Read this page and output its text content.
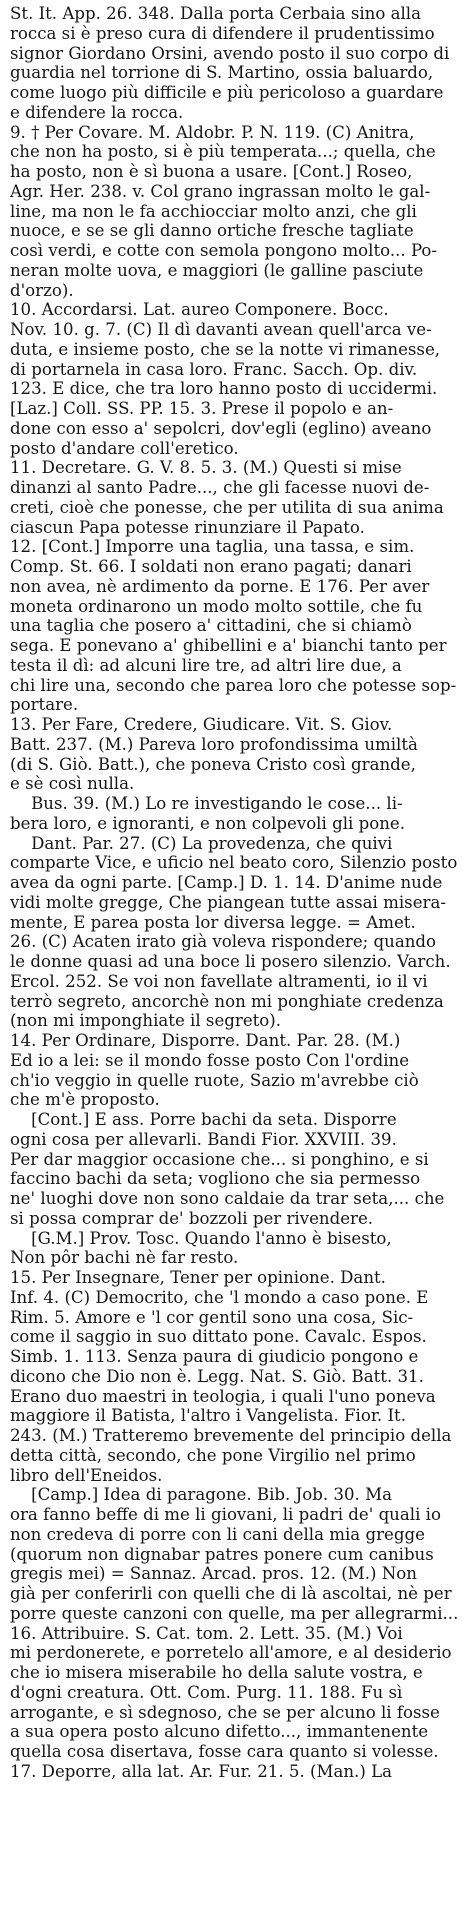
St. It. App. 26. 348. Dalla porta Cerbaia sino alla
rocca si è preso cura di difendere il prudentissimo
signor Giordano Orsini, avendo posto il suo corpo di
guardia nel torrione di S. Martino, ossia baluardo,
come luogo più difficile e più pericoloso a guardare
e difendere la rocca.
9. † Per Covare. M. Aldobr. P. N. 119. (C) Anitra,
che non ha posto, si è più temperata...; quella, che
ha posto, non è sì buona a usare. [Cont.] Roseo,
Agr. Her. 238. v. Col grano ingrassan molto le gal-
line, ma non le fa acchiocciar molto anzi, che gli
nuoce, e se se gli danno ortiche fresche tagliate
così verdi, e cotte con semola pongono molto... Po-
neran molte uova, e maggiori (le galline pasciute
d'orzo).
10. Accordarsi. Lat. aureo Componere. Bocc.
Nov. 10. g. 7. (C) Il dì davanti avean quell'arca ve-
duta, e insieme posto, che se la notte vi rimanesse,
di portarnela in casa loro. Franc. Sacch. Op. div.
123. E dice, che tra loro hanno posto di uccidermi.
[Laz.] Coll. SS. PP. 15. 3. Prese il popolo e an-
done con esso a' sepolcri, dov'egli (eglino) aveano
posto d'andare coll'eretico.
11. Decretare. G. V. 8. 5. 3. (M.) Questi si mise
dinanzi al santo Padre..., che gli facesse nuovi de-
creti, cioè che ponesse, che per utilita di sua anima
ciascun Papa potesse rinunziare il Papato.
12. [Cont.] Imporre una taglia, una tassa, e sim.
Comp. St. 66. I soldati non erano pagati; danari
non avea, nè ardimento da porne. E 176. Per aver
moneta ordinarono un modo molto sottile, che fu
una taglia che posero a' cittadini, che si chiamò
sega. E ponevano a' ghibellini e a' bianchi tanto per
testa il dì: ad alcuni lire tre, ad altri lire due, a
chi lire una, secondo che parea loro che potesse sop-
portare.
13. Per Fare, Credere, Giudicare. Vit. S. Giov.
Batt. 237. (M.) Pareva loro profondissima umiltà
(di S. Giò. Batt.), che poneva Cristo così grande,
e sè così nulla.
Bus. 39. (M.) Lo re investigando le cose... li-
bera loro, e ignoranti, e non colpevoli gli pone.
Dant. Par. 27. (C) La provedenza, che quivi
comparte Vice, e uficio nel beato coro, Silenzio posto
avea da ogni parte. [Camp.] D. 1. 14. D'anime nude
vidi molte gregge, Che piangean tutte assai misera-
mente, E parea posta lor diversa legge. = Amet.
26. (C) Acaten irato già voleva rispondere; quando
le donne quasi ad una boce li posero silenzio. Varch.
Ercol. 252. Se voi non favellate altramenti, io il vi
terrò segreto, ancorchè non mi ponghiate credenza
(non mi imponghiate il segreto).
14. Per Ordinare, Disporre. Dant. Par. 28. (M.)
Ed io a lei: se il mondo fosse posto Con l'ordine
ch'io veggio in quelle ruote, Sazio m'avrebbe ciò
che m'è proposto.
[Cont.] E ass. Porre bachi da seta. Disporre
ogni cosa per allevarli. Bandi Fior. XXVIII. 39.
Per dar maggior occasione che... si ponghino, e si
faccino bachi da seta; vogliono che sia permesso
ne' luoghi dove non sono caldaie da trar seta,... che
si possa comprar de' bozzoli per rivendere.
[G.M.] Prov. Tosc. Quando l'anno è bisesto,
Non pôr bachi nè far resto.
15. Per Insegnare, Tener per opinione. Dant.
Inf. 4. (C) Democrito, che 'l mondo a caso pone. E
Rim. 5. Amore e 'l cor gentil sono una cosa, Sic-
come il saggio in suo dittato pone. Cavalc. Espos.
Simb. 1. 113. Senza paura di giudicio pongono e
dicono che Dio non è. Legg. Nat. S. Giò. Batt. 31.
Erano duo maestri in teologia, i quali l'uno poneva
maggiore il Batista, l'altro i Vangelista. Fior. It.
243. (M.) Tratteremo brevemente del principio della
detta città, secondo, che pone Virgilio nel primo
libro dell'Eneidos.
[Camp.] Idea di paragone. Bib. Job. 30. Ma
ora fanno beffe di me li giovani, li padri de' quali io
non credeva di porre con li cani della mia gregge
(quorum non dignabar patres ponere cum canibus
gregis mei) = Sannaz. Arcad. pros. 12. (M.) Non
già per conferirli con quelli che di là ascoltai, nè per
porre queste canzoni con quelle, ma per allegrarmi...
16. Attribuire. S. Cat. tom. 2. Lett. 35. (M.) Voi
mi perdonerete, e porretelo all'amore, e al desiderio
che io misera miserabile ho della salute vostra, e
d'ogni creatura. Ott. Com. Purg. 11. 188. Fu sì
arrogante, e sì sdegnoso, che se per alcuno li fosse
a sua opera posto alcuno difetto..., immantenente
quella cosa disertava, fosse cara quanto si volesse.
17. Deporre, alla lat. Ar. Fur. 21. 5. (Man.) La
